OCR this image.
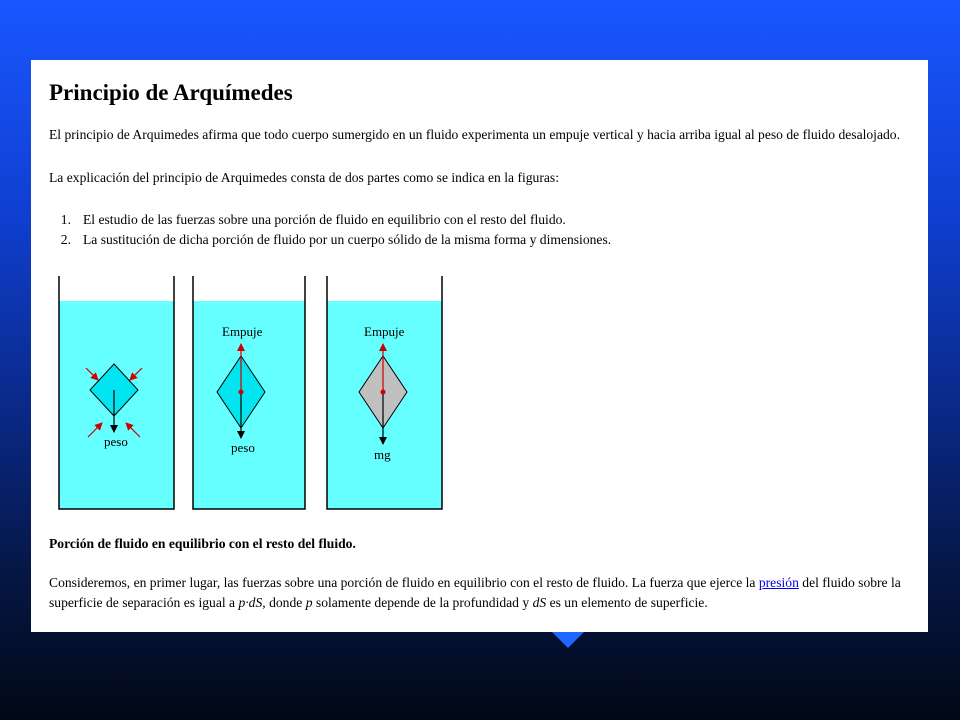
Principio de Arquímedes

El principio de Arquimedes afirma que todo cuerpo sumergido en un fluido experimenta un empuje vertical y hacia arriba igual al peso de fluido desalojado.

La explicación del principio de Arquimedes consta de dos partes como se indica en la figuras:

1. El estudio de las fuerzas sobre una porción de fluido en equilibrio con el resto del fluido.
2. La sustitución de dicha porción de fluido por un cuerpo sólido de la misma forma y dimensiones.
peso
Empuje
peso
Empuje
mg

Porción de fluido en equilibrio con el resto del fluido.

Consideremos, en primer lugar, las fuerzas sobre una porción de fluido en equilibrio con el resto de fluido. La fuerza que ejerce la presión del fluido sobre la superficie de separación es igual a p·dS, donde p solamente depende de la profundidad y dS es un elemento de superficie.
